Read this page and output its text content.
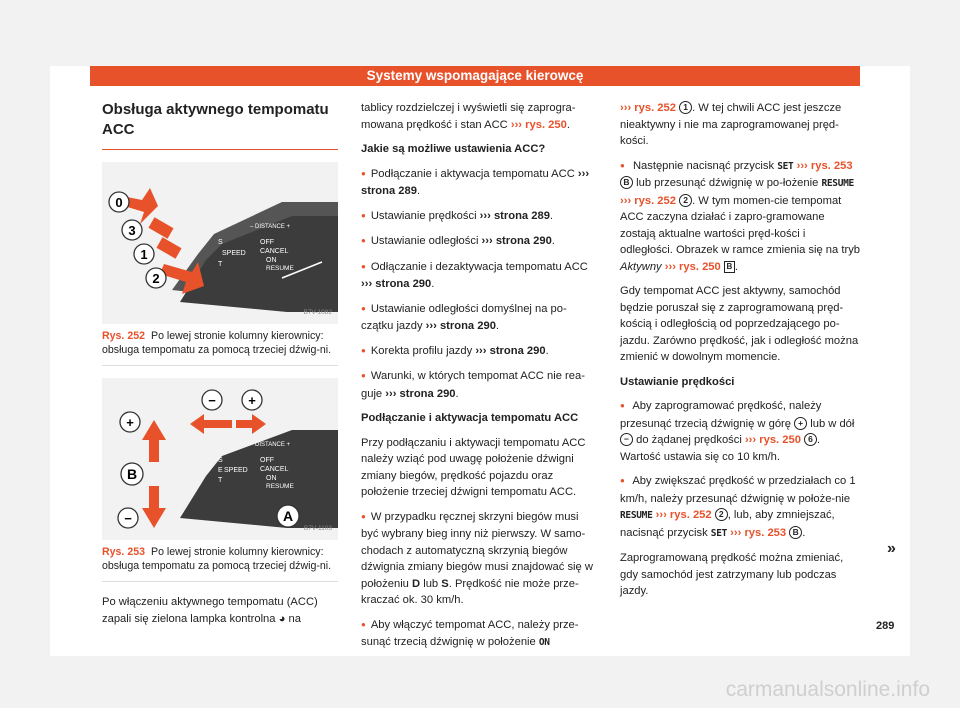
Systemy wspomagające kierowcę
Obsługa aktywnego tempomatu ACC
– DISTANCE +
S
SPEED
T
OFF
CANCEL
ON
RESUME
0
3
1
2
B7V-1082
Rys. 252 Po lewej stronie kolumny kierownicy: obsługa tempomatu za pomocą trzeciej dźwig-ni.
– DISTANCE +
S
E SPEED
T
OFF
CANCEL
ON
RESUME
− +
+
B
−	A
B7V-1103
Rys. 253 Po lewej stronie kolumny kierownicy: obsługa tempomatu za pomocą trzeciej dźwig-ni.

Po włączeniu aktywnego tempomatu (ACC) zapali się zielona lampka kontrolna ◕ na

tablicy rozdzielczej i wyświetli się zaprogra-mowana prędkość i stan ACC ››› rys. 250.

Jakie są możliwe ustawienia ACC?

● Podłączanie i aktywacja tempomatu ACC ››› strona 289.

● Ustawianie prędkości ››› strona 289.

● Ustawianie odległości ››› strona 290.

● Odłączanie i dezaktywacja tempomatu ACC ››› strona 290.

● Ustawianie odległości domyślnej na po-czątku jazdy ››› strona 290.

● Korekta profilu jazdy ››› strona 290.

● Warunki, w których tempomat ACC nie rea-guje ››› strona 290.

Podłączanie i aktywacja tempomatu ACC

Przy podłączaniu i aktywacji tempomatu ACC należy wziąć pod uwagę położenie dźwigni zmiany biegów, prędkość pojazdu oraz położenie trzeciej dźwigni tempomatu ACC.

● W przypadku ręcznej skrzyni biegów musi być wybrany bieg inny niż pierwszy. W samo-chodach z automatyczną skrzynią biegów dźwignia zmiany biegów musi znajdować się w położeniu D lub S. Prędkość nie może prze-kraczać ok. 30 km/h.

● Aby włączyć tempomat ACC, należy prze-sunąć trzecią dźwignię w położenie ON

››› rys. 252 1 . W tej chwili ACC jest jeszcze nieaktywny i nie ma zaprogramowanej pręd-kości.

● Następnie nacisnąć przycisk SET ››› rys. 253 B lub przesunąć dźwignię w po-łożenie RESUME ››› rys. 252 2 . W tym momen-cie tempomat ACC zaczyna działać i zapro-gramowane zostają aktualne wartości pręd-kości i odległości. Obrazek w ramce zmienia się na tryb Aktywny ››› rys. 250 B .

Gdy tempomat ACC jest aktywny, samochód będzie poruszał się z zaprogramowaną pręd-kością i odległością od poprzedzającego po-jazdu. Zarówno prędkość, jak i odległość można zmienić w dowolnym momencie.

Ustawianie prędkości

● Aby zaprogramować prędkość, należy przesunąć trzecią dźwignię w górę + lub w dół − do żądanej prędkości ››› rys. 250 6 . Wartość ustawia się co 10 km/h.

● Aby zwiększać prędkość w przedziałach co 1 km/h, należy przesunąć dźwignię w położe-nie RESUME ››› rys. 252 2 , lub, aby zmniejszać, nacisnąć przycisk SET ››› rys. 253 B .

Zaprogramowaną prędkość można zmieniać, gdy samochód jest zatrzymany lub podczas jazdy.

»
289
carmanualsonline.info
